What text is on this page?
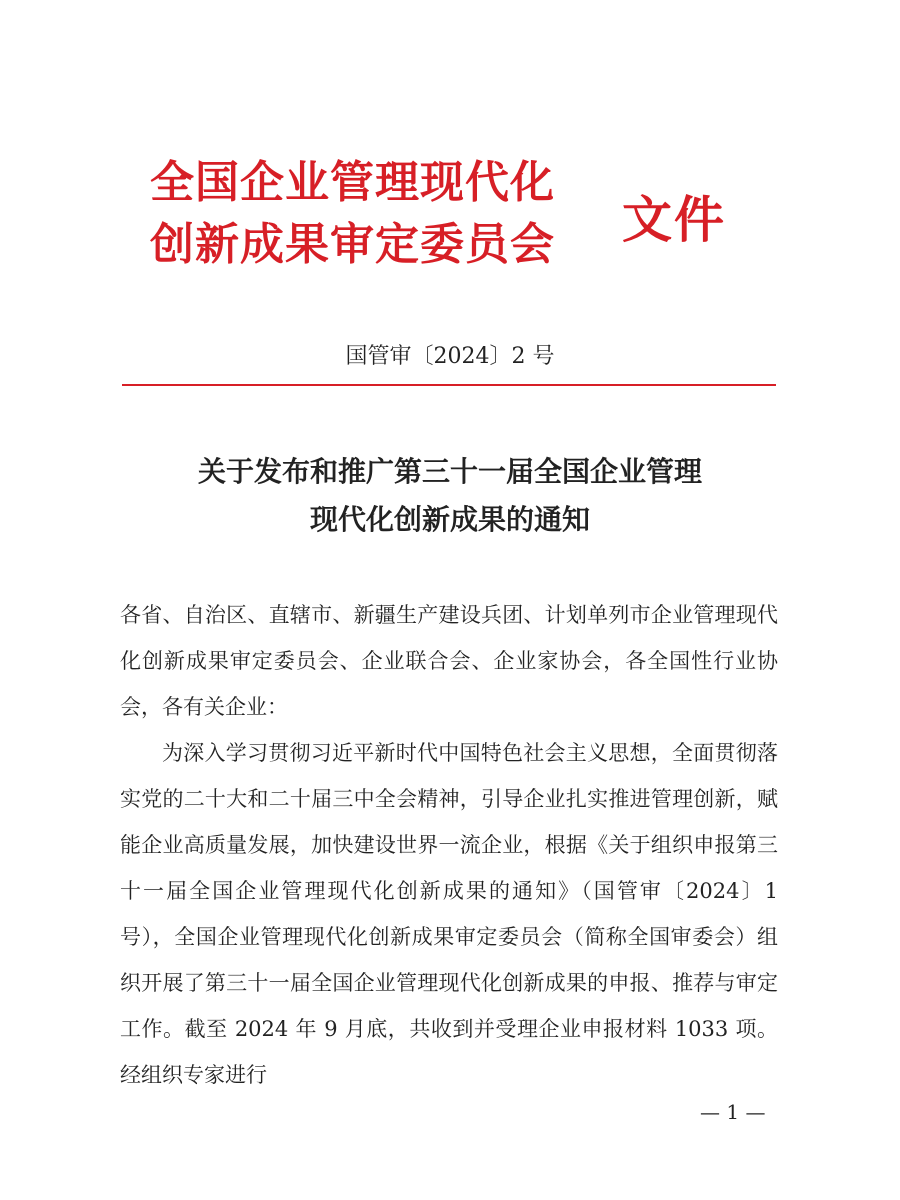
全国企业管理现代化
创新成果审定委员会	文件
国管审〔2024〕2 号
关于发布和推广第三十一届全国企业管理
现代化创新成果的通知

各省、自治区、直辖市、新疆生产建设兵团、计划单列市企业管理现代化创新成果审定委员会、企业联合会、企业家协会，各全国性行业协会，各有关企业：

为深入学习贯彻习近平新时代中国特色社会主义思想，全面贯彻落实党的二十大和二十届三中全会精神，引导企业扎实推进管理创新，赋能企业高质量发展，加快建设世界一流企业，根据《关于组织申报第三十一届全国企业管理现代化创新成果的通知》（国管审〔2024〕1 号），全国企业管理现代化创新成果审定委员会（简称全国审委会）组织开展了第三十一届全国企业管理现代化创新成果的申报、推荐与审定工作。截至 2024 年 9 月底，共收到并受理企业申报材料 1033 项。经组织专家进行

— 1 —
